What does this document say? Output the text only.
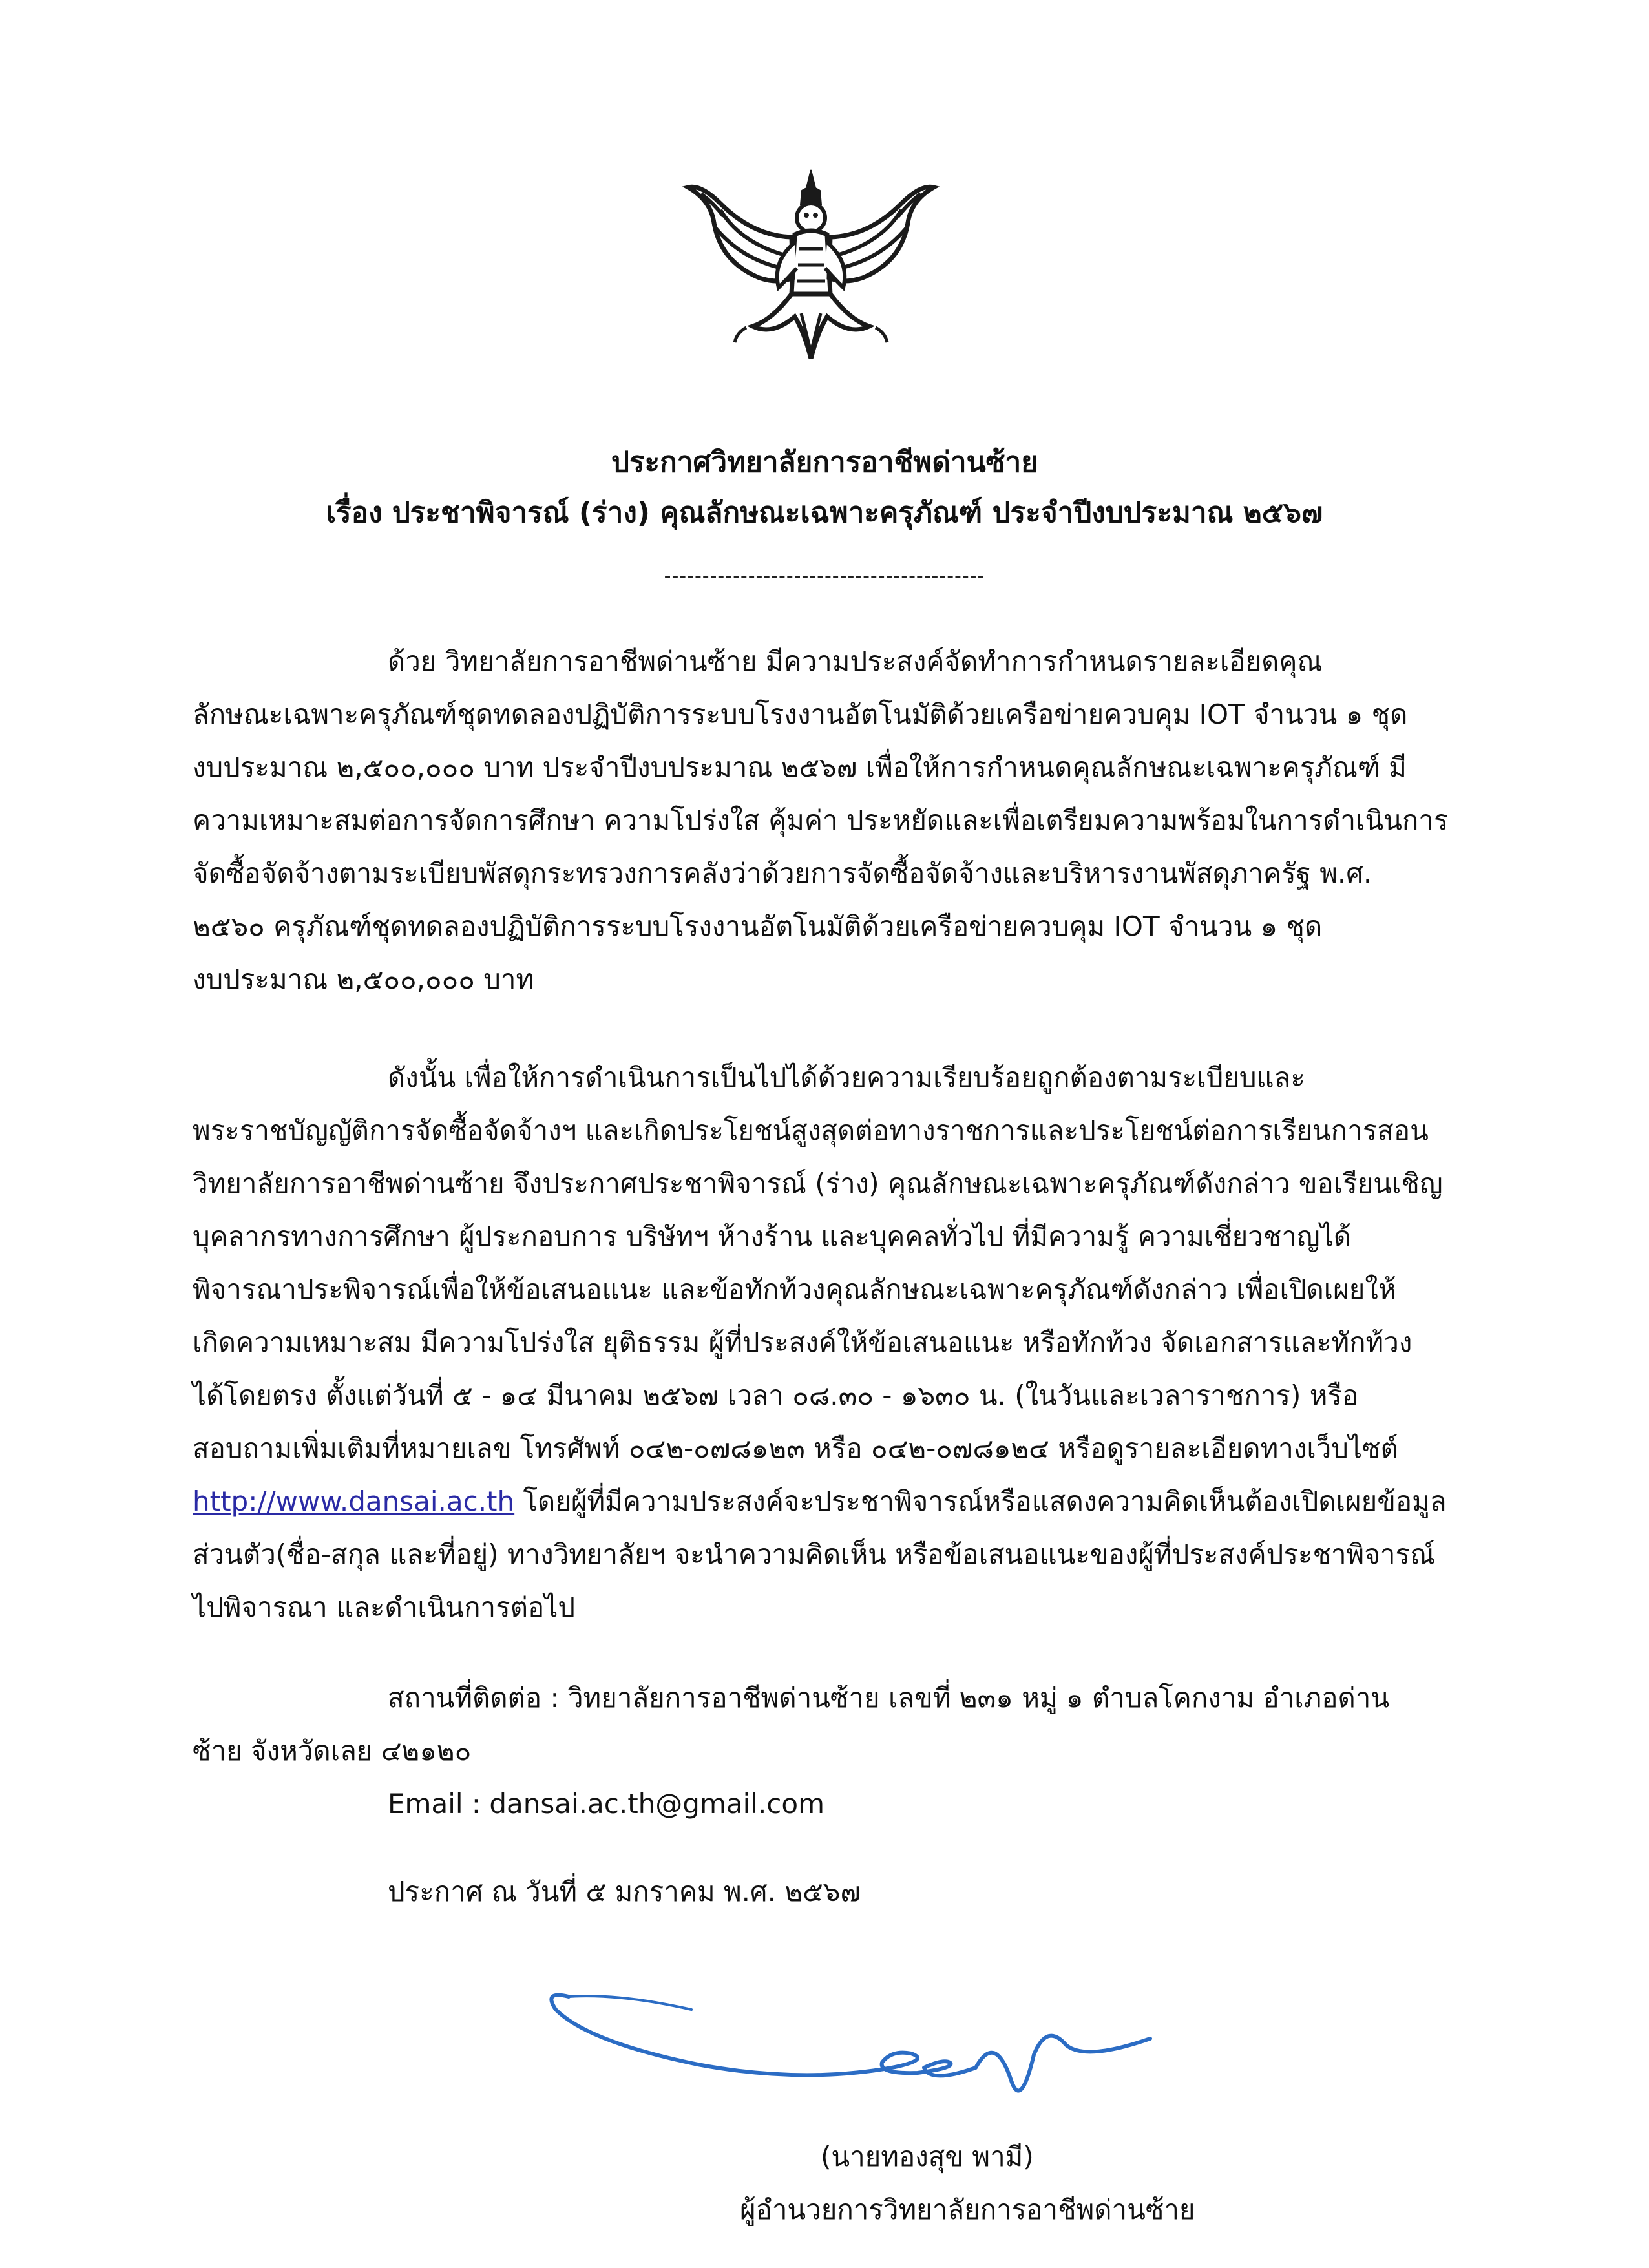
ประกาศวิทยาลัยการอาชีพด่านซ้าย
เรื่อง ประชาพิจารณ์ (ร่าง) คุณลักษณะเฉพาะครุภัณฑ์ ประจำปีงบประมาณ ๒๕๖๗
------------------------------------------
ด้วย วิทยาลัยการอาชีพด่านซ้าย มีความประสงค์จัดทำการกำหนดรายละเอียดคุณ
ลักษณะเฉพาะครุภัณฑ์ชุดทดลองปฏิบัติการระบบโรงงานอัตโนมัติด้วยเครือข่ายควบคุม IOT จำนวน ๑ ชุด
งบประมาณ ๒,๕๐๐,๐๐๐ บาท ประจำปีงบประมาณ ๒๕๖๗ เพื่อให้การกำหนดคุณลักษณะเฉพาะครุภัณฑ์ มี
ความเหมาะสมต่อการจัดการศึกษา ความโปร่งใส คุ้มค่า ประหยัดและเพื่อเตรียมความพร้อมในการดำเนินการ
จัดซื้อจัดจ้างตามระเบียบพัสดุกระทรวงการคลังว่าด้วยการจัดซื้อจัดจ้างและบริหารงานพัสดุภาครัฐ พ.ศ.
๒๕๖๐ ครุภัณฑ์ชุดทดลองปฏิบัติการระบบโรงงานอัตโนมัติด้วยเครือข่ายควบคุม IOT จำนวน ๑ ชุด
งบประมาณ ๒,๕๐๐,๐๐๐ บาท
ดังนั้น เพื่อให้การดำเนินการเป็นไปได้ด้วยความเรียบร้อยถูกต้องตามระเบียบและ
พระราชบัญญัติการจัดซื้อจัดจ้างฯ และเกิดประโยชน์สูงสุดต่อทางราชการและประโยชน์ต่อการเรียนการสอน
วิทยาลัยการอาชีพด่านซ้าย จึงประกาศประชาพิจารณ์ (ร่าง) คุณลักษณะเฉพาะครุภัณฑ์ดังกล่าว ขอเรียนเชิญ
บุคลากรทางการศึกษา ผู้ประกอบการ บริษัทฯ ห้างร้าน และบุคคลทั่วไป ที่มีความรู้ ความเชี่ยวชาญได้
พิจารณาประพิจารณ์เพื่อให้ข้อเสนอแนะ และข้อทักท้วงคุณลักษณะเฉพาะครุภัณฑ์ดังกล่าว เพื่อเปิดเผยให้
เกิดความเหมาะสม มีความโปร่งใส ยุติธรรม ผู้ที่ประสงค์ให้ข้อเสนอแนะ หรือทักท้วง จัดเอกสารและทักท้วง
ได้โดยตรง ตั้งแต่วันที่ ๕ - ๑๔ มีนาคม ๒๕๖๗ เวลา ๐๘.๓๐ - ๑๖๓๐ น. (ในวันและเวลาราชการ) หรือ
สอบถามเพิ่มเติมที่หมายเลข โทรศัพท์ ๐๔๒-๐๗๘๑๒๓ หรือ ๐๔๒-๐๗๘๑๒๔ หรือดูรายละเอียดทางเว็บไซต์
http://www.dansai.ac.th โดยผู้ที่มีความประสงค์จะประชาพิจารณ์หรือแสดงความคิดเห็นต้องเปิดเผยข้อมูล
ส่วนตัว(ชื่อ-สกุล และที่อยู่) ทางวิทยาลัยฯ จะนำความคิดเห็น หรือข้อเสนอแนะของผู้ที่ประสงค์ประชาพิจารณ์
ไปพิจารณา และดำเนินการต่อไป
สถานที่ติดต่อ : วิทยาลัยการอาชีพด่านซ้าย เลขที่ ๒๓๑ หมู่ ๑ ตำบลโคกงาม อำเภอด่าน
ซ้าย จังหวัดเลย ๔๒๑๒๐
Email : dansai.ac.th@gmail.com
ประกาศ ณ วันที่ ๕ มกราคม พ.ศ. ๒๕๖๗
(นายทองสุข พามี)
ผู้อำนวยการวิทยาลัยการอาชีพด่านซ้าย
